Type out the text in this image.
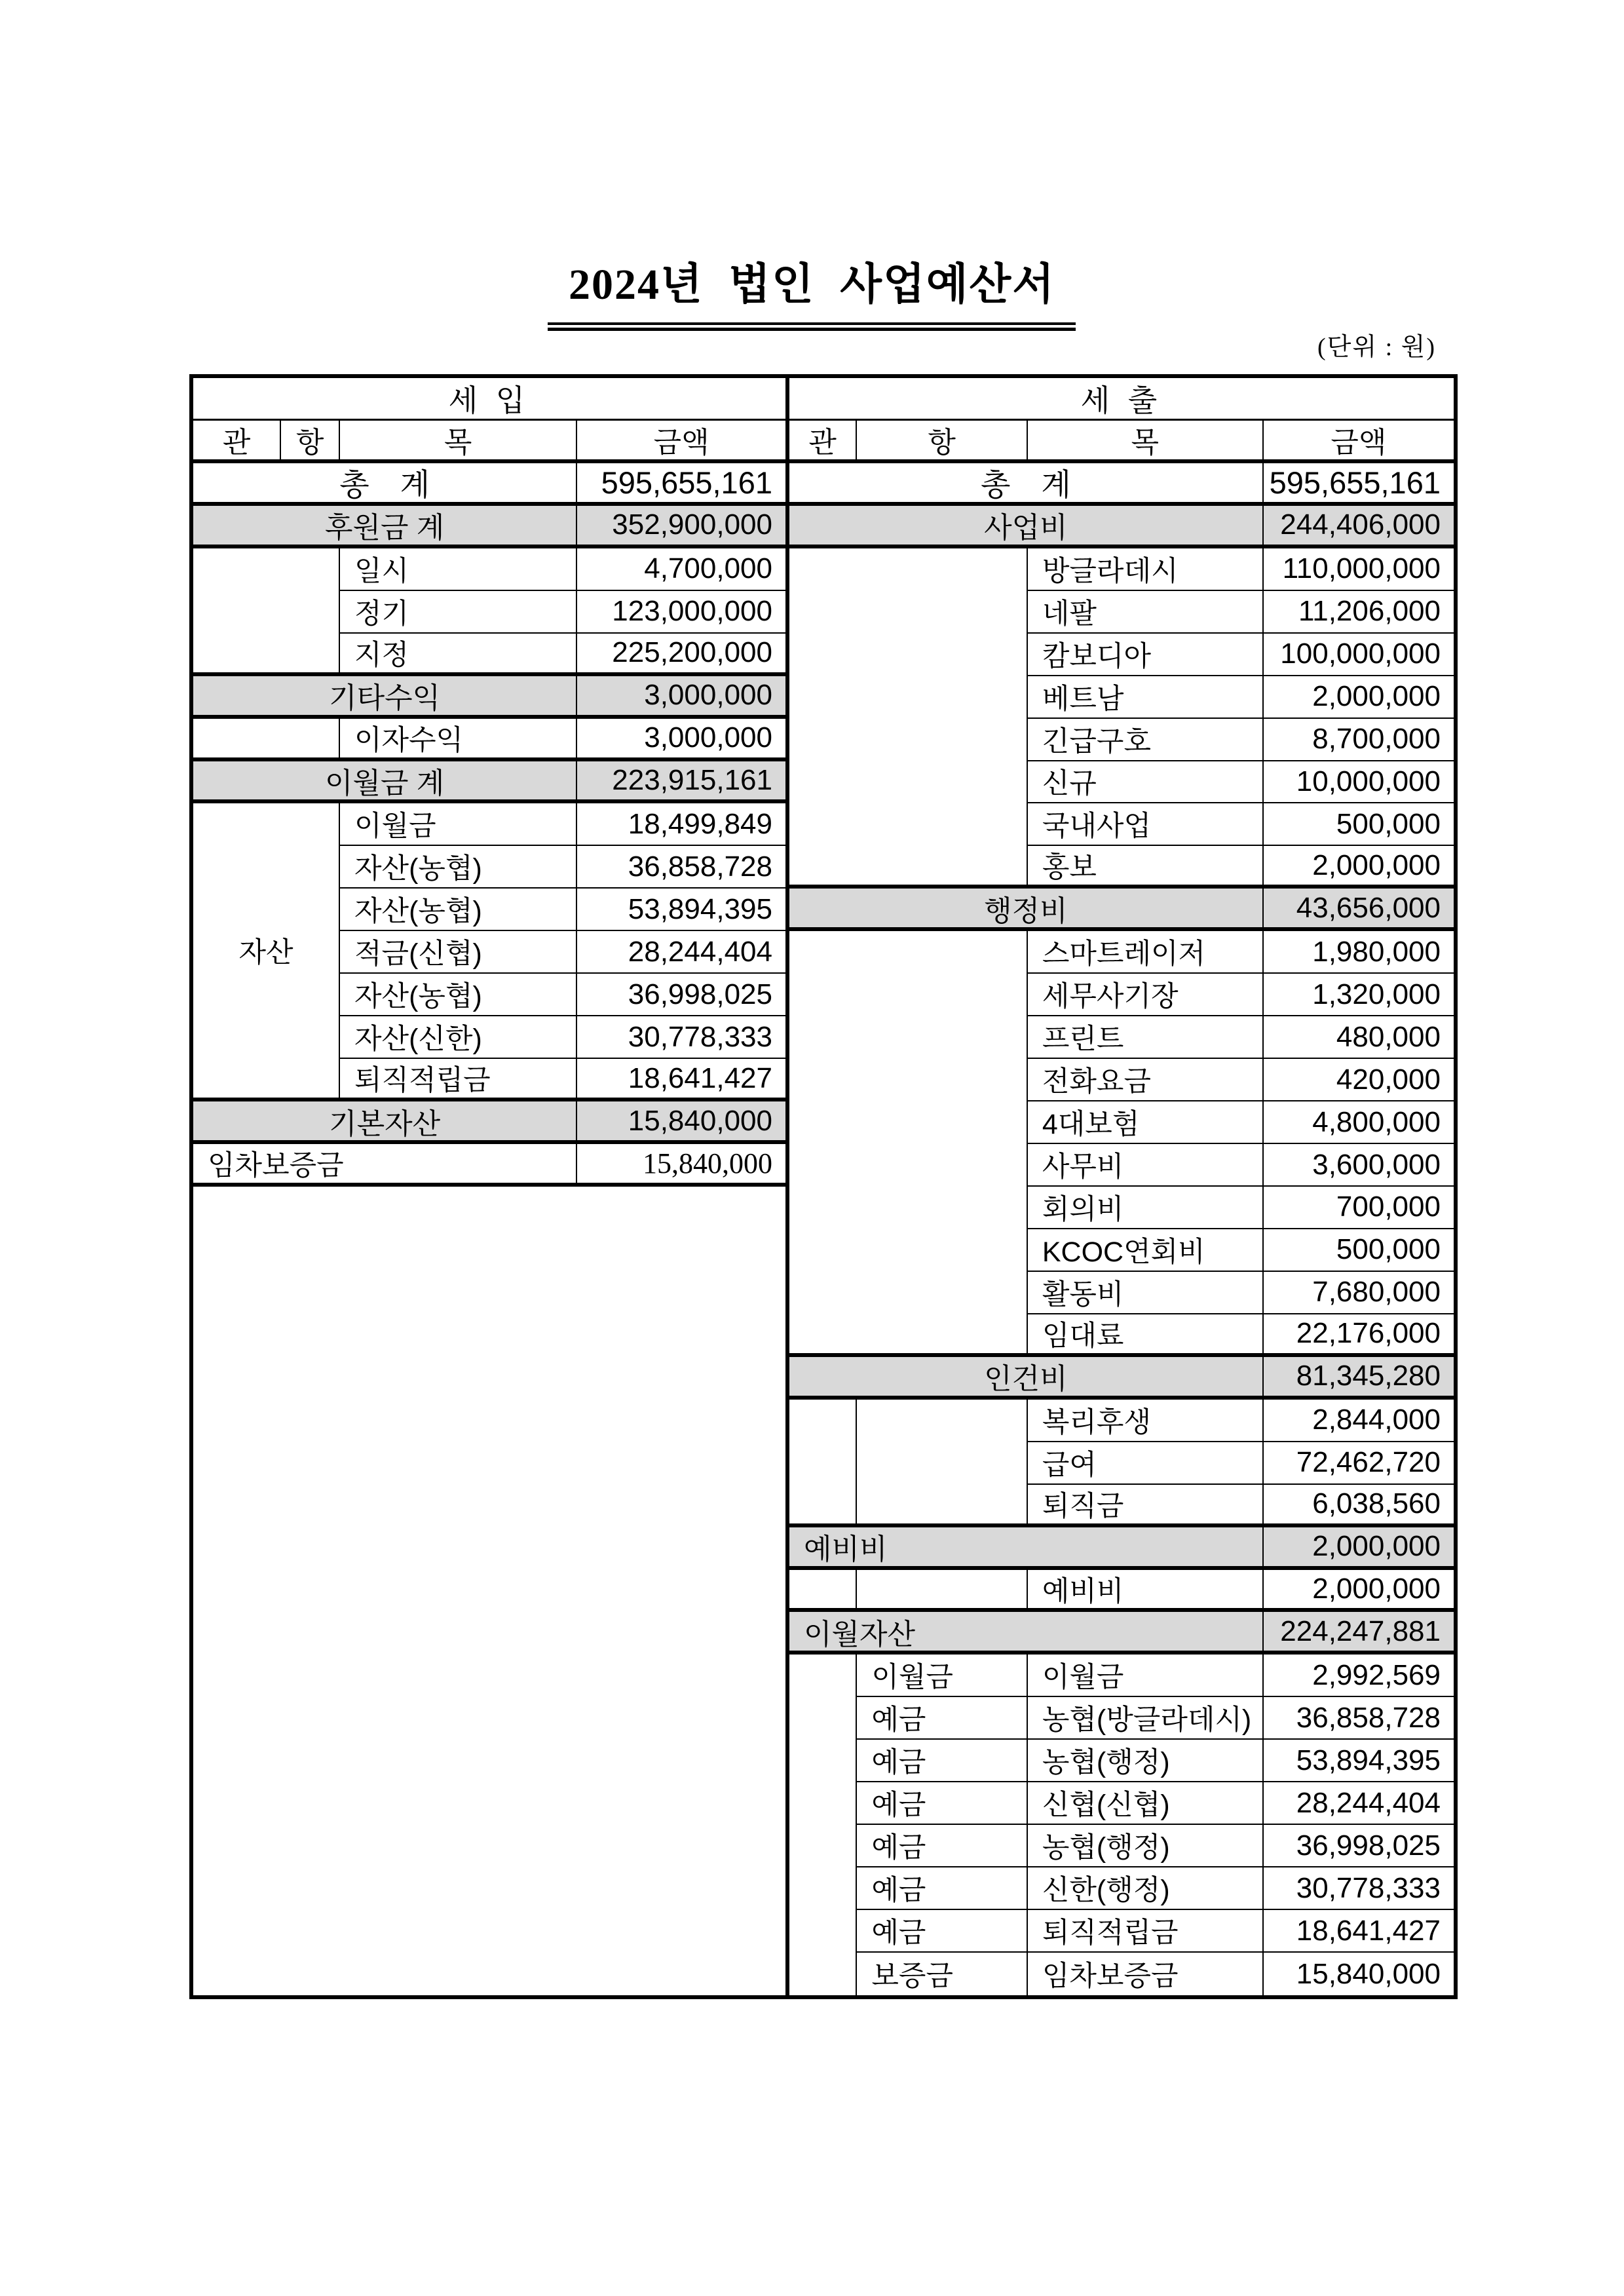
2024년 법인 사업예산서
(단위 : 원)
세 입
관 항	목	금액
총　계	595,655,161
후원금 계	352,900,000
일시	4,700,000
정기	123,000,000
지정	225,200,000
기타수익	3,000,000
이자수익	3,000,000
이월금 계	223,915,161
자산
이월금	18,499,849
자산(농협)	36,858,728
자산(농협)	53,894,395
적금(신협)	28,244,404
자산(농협)	36,998,025
자산(신한)	30,778,333
퇴직적립금	18,641,427
기본자산	15,840,000
임차보증금	15,840,000
세 출
관	항	목	금액
총　계	595,655,161
사업비	244,406,000
방글라데시	110,000,000
네팔	11,206,000
캄보디아	100,000,000
베트남	2,000,000
긴급구호	8,700,000
신규	10,000,000
국내사업	500,000
홍보	2,000,000
행정비	43,656,000
스마트레이저	1,980,000
세무사기장	1,320,000
프린트	480,000
전화요금	420,000
4대보험	4,800,000
사무비	3,600,000
회의비	700,000
KCOC연회비	500,000
활동비	7,680,000
임대료	22,176,000
인건비	81,345,280
복리후생	2,844,000
급여	72,462,720
퇴직금	6,038,560
예비비	2,000,000
예비비	2,000,000
이월자산	224,247,881
이월금	이월금	2,992,569
예금	농협(방글라데시) 36,858,728
예금	농협(행정)	53,894,395
예금	신협(신협)	28,244,404
예금	농협(행정)	36,998,025
예금	신한(행정)	30,778,333
예금	퇴직적립금	18,641,427
보증금	임차보증금	15,840,000
